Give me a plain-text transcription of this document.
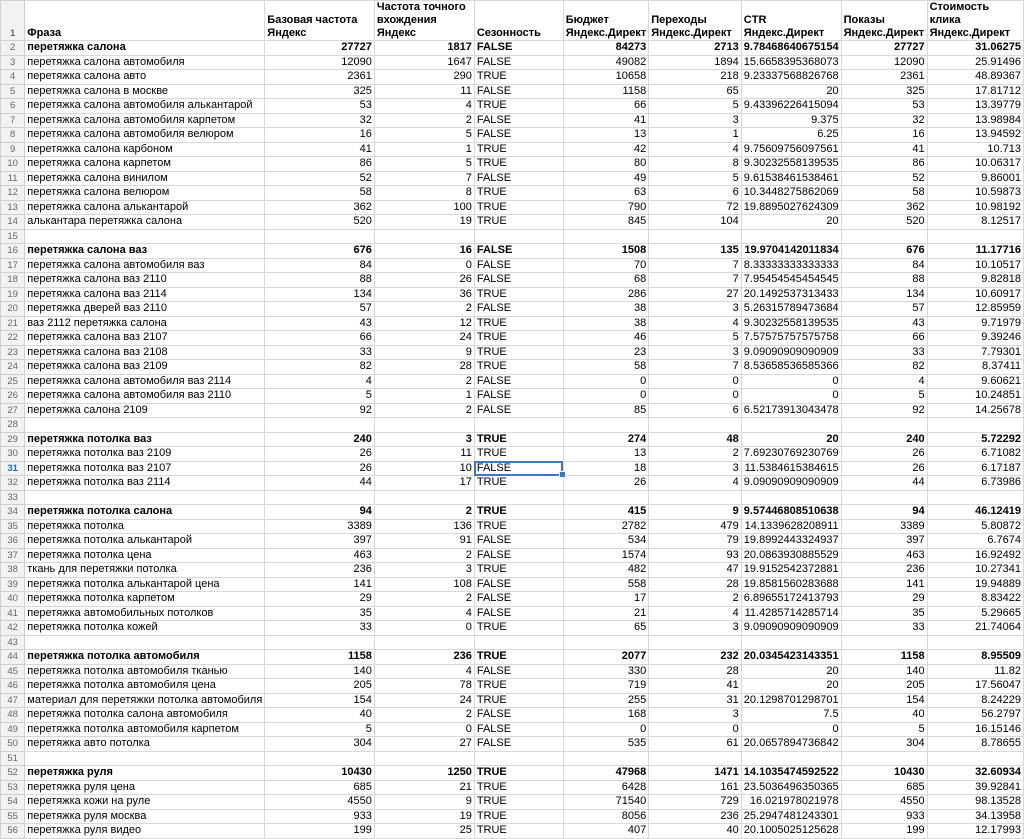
1	Фраза	Базовая частота Яндекс	Частота точного вхождения Яндекс	Сезонность	Бюджет Яндекс.Директ	Переходы Яндекс.Директ	CTR Яндекс.Директ	Показы Яндекс.Директ	Стоимость клика Яндекс.Директ
2	перетяжка салона	27727	1817	FALSE	84273	2713	9.78468640675154	27727	31.06275
3	перетяжка салона автомобиля	12090	1647	FALSE	49082	1894	15.6658395368073	12090	25.91496
4	перетяжка салона авто	2361	290	TRUE	10658	218	9.23337568826768	2361	48.89367
5	перетяжка салона в москве	325	11	FALSE	1158	65	20	325	17.81712
6	перетяжка салона автомобиля алькантарой	53	4	TRUE	66	5	9.43396226415094	53	13.39779
7	перетяжка салона автомобиля карпетом	32	2	FALSE	41	3	9.375	32	13.98984
8	перетяжка салона автомобиля велюром	16	5	FALSE	13	1	6.25	16	13.94592
9	перетяжка салона карбоном	41	1	TRUE	42	4	9.75609756097561	41	10.713
10	перетяжка салона карпетом	86	5	TRUE	80	8	9.30232558139535	86	10.06317
11	перетяжка салона винилом	52	7	FALSE	49	5	9.61538461538461	52	9.86001
12	перетяжка салона велюром	58	8	TRUE	63	6	10.3448275862069	58	10.59873
13	перетяжка салона алькантарой	362	100	TRUE	790	72	19.8895027624309	362	10.98192
14	алькантара перетяжка салона	520	19	TRUE	845	104	20	520	8.12517
15									
16	перетяжка салона ваз	676	16	FALSE	1508	135	19.9704142011834	676	11.17716
17	перетяжка салона автомобиля ваз	84	0	FALSE	70	7	8.33333333333333	84	10.10517
18	перетяжка салона ваз 2110	88	26	FALSE	68	7	7.95454545454545	88	9.82818
19	перетяжка салона ваз 2114	134	36	TRUE	286	27	20.1492537313433	134	10.60917
20	перетяжка дверей ваз 2110	57	2	FALSE	38	3	5.26315789473684	57	12.85959
21	ваз 2112 перетяжка салона	43	12	TRUE	38	4	9.30232558139535	43	9.71979
22	перетяжка салона ваз 2107	66	24	TRUE	46	5	7.57575757575758	66	9.39246
23	перетяжка салона ваз 2108	33	9	TRUE	23	3	9.09090909090909	33	7.79301
24	перетяжка салона ваз 2109	82	28	TRUE	58	7	8.53658536585366	82	8.37411
25	перетяжка салона автомобиля ваз 2114	4	2	FALSE	0	0	0	4	9.60621
26	перетяжка салона автомобиля ваз 2110	5	1	FALSE	0	0	0	5	10.24851
27	перетяжка салона 2109	92	2	FALSE	85	6	6.52173913043478	92	14.25678
28									
29	перетяжка потолка ваз	240	3	TRUE	274	48	20	240	5.72292
30	перетяжка потолка ваз 2109	26	11	TRUE	13	2	7.69230769230769	26	6.71082
31	перетяжка потолка ваз 2107	26	10	FALSE	18	3	11.5384615384615	26	6.17187
32	перетяжка потолка ваз 2114	44	17	TRUE	26	4	9.09090909090909	44	6.73986
33									
34	перетяжка потолка салона	94	2	TRUE	415	9	9.57446808510638	94	46.12419
35	перетяжка потолка	3389	136	TRUE	2782	479	14.1339628208911	3389	5.80872
36	перетяжка потолка алькантарой	397	91	FALSE	534	79	19.8992443324937	397	6.7674
37	перетяжка потолка цена	463	2	FALSE	1574	93	20.0863930885529	463	16.92492
38	ткань для перетяжки потолка	236	3	TRUE	482	47	19.9152542372881	236	10.27341
39	перетяжка потолка алькантарой цена	141	108	FALSE	558	28	19.8581560283688	141	19.94889
40	перетяжка потолка карпетом	29	2	FALSE	17	2	6.89655172413793	29	8.83422
41	перетяжка автомобильных потолков	35	4	FALSE	21	4	11.4285714285714	35	5.29665
42	перетяжка потолка кожей	33	0	TRUE	65	3	9.09090909090909	33	21.74064
43									
44	перетяжка потолка автомобиля	1158	236	TRUE	2077	232	20.0345423143351	1158	8.95509
45	перетяжка потолка автомобиля тканью	140	4	FALSE	330	28	20	140	11.82
46	перетяжка потолка автомобиля цена	205	78	TRUE	719	41	20	205	17.56047
47	материал для перетяжки потолка автомобиля	154	24	TRUE	255	31	20.1298701298701	154	8.24229
48	перетяжка потолка салона автомобиля	40	2	FALSE	168	3	7.5	40	56.2797
49	перетяжка потолка автомобиля карпетом	5	0	FALSE	0	0	0	5	16.15146
50	перетяжка авто потолка	304	27	FALSE	535	61	20.0657894736842	304	8.78655
51									
52	перетяжка руля	10430	1250	TRUE	47968	1471	14.1035474592522	10430	32.60934
53	перетяжка руля цена	685	21	TRUE	6428	161	23.5036496350365	685	39.92841
54	перетяжка кожи на руле	4550	9	TRUE	71540	729	16.021978021978	4550	98.13528
55	перетяжка руля москва	933	19	TRUE	8056	236	25.2947481243301	933	34.13958
56	перетяжка руля видео	199	25	TRUE	407	40	20.1005025125628	199	12.17993
